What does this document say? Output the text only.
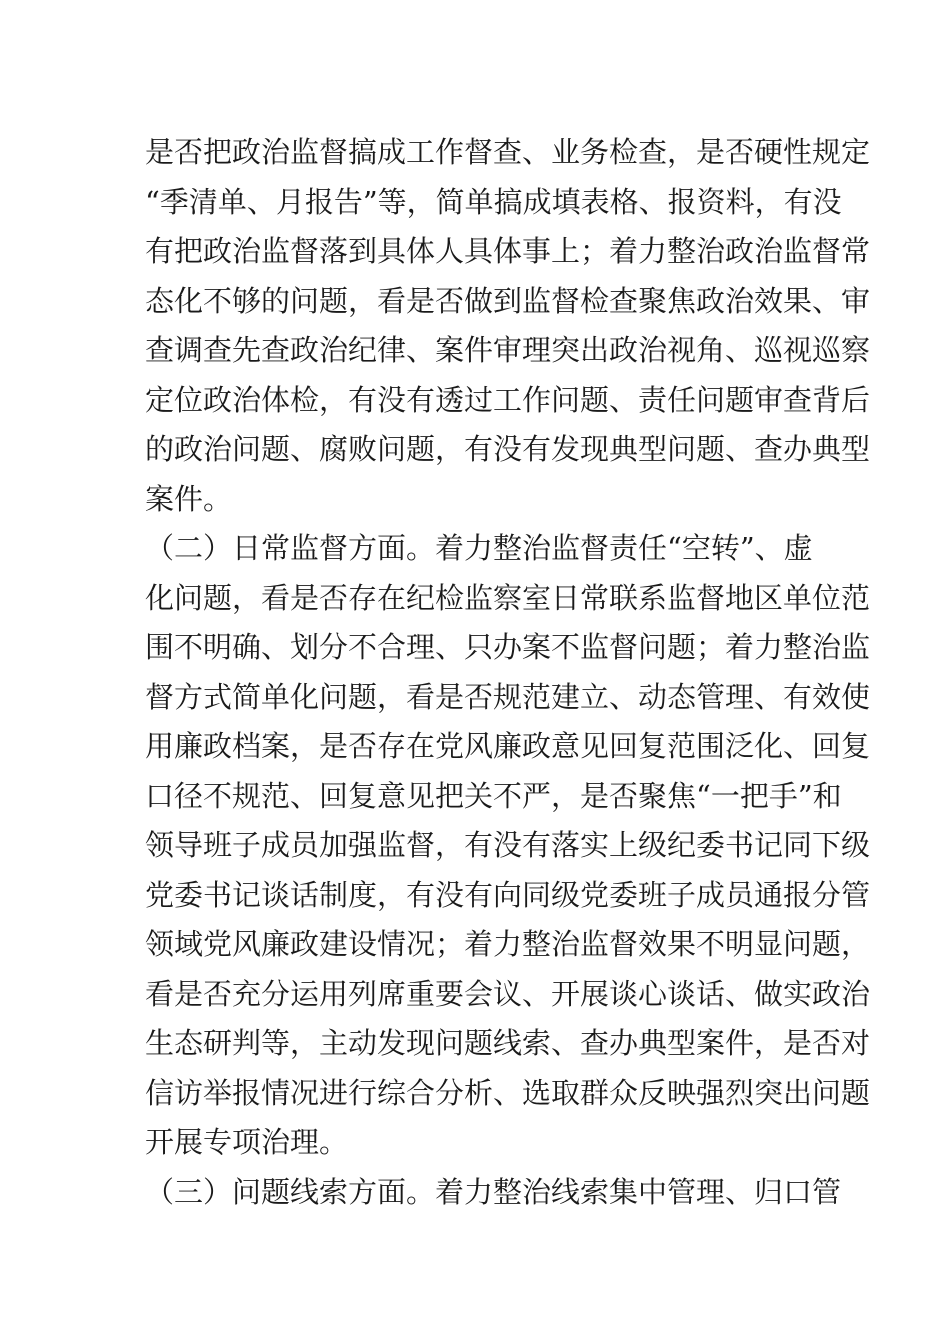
是否把政治监督搞成工作督查、业务检查，是否硬性规定
“季清单、月报告”等，简单搞成填表格、报资料，有没
有把政治监督落到具体人具体事上；着力整治政治监督常
态化不够的问题，看是否做到监督检查聚焦政治效果、审
查调查先查政治纪律、案件审理突出政治视角、巡视巡察
定位政治体检，有没有透过工作问题、责任问题审查背后
的政治问题、腐败问题，有没有发现典型问题、查办典型
案件。
（二）日常监督方面。着力整治监督责任“空转”、虚
化问题，看是否存在纪检监察室日常联系监督地区单位范
围不明确、划分不合理、只办案不监督问题；着力整治监
督方式简单化问题，看是否规范建立、动态管理、有效使
用廉政档案，是否存在党风廉政意见回复范围泛化、回复
口径不规范、回复意见把关不严，是否聚焦“一把手”和
领导班子成员加强监督，有没有落实上级纪委书记同下级
党委书记谈话制度，有没有向同级党委班子成员通报分管
领域党风廉政建设情况；着力整治监督效果不明显问题，
看是否充分运用列席重要会议、开展谈心谈话、做实政治
生态研判等，主动发现问题线索、查办典型案件，是否对
信访举报情况进行综合分析、选取群众反映强烈突出问题
开展专项治理。
（三）问题线索方面。着力整治线索集中管理、归口管
